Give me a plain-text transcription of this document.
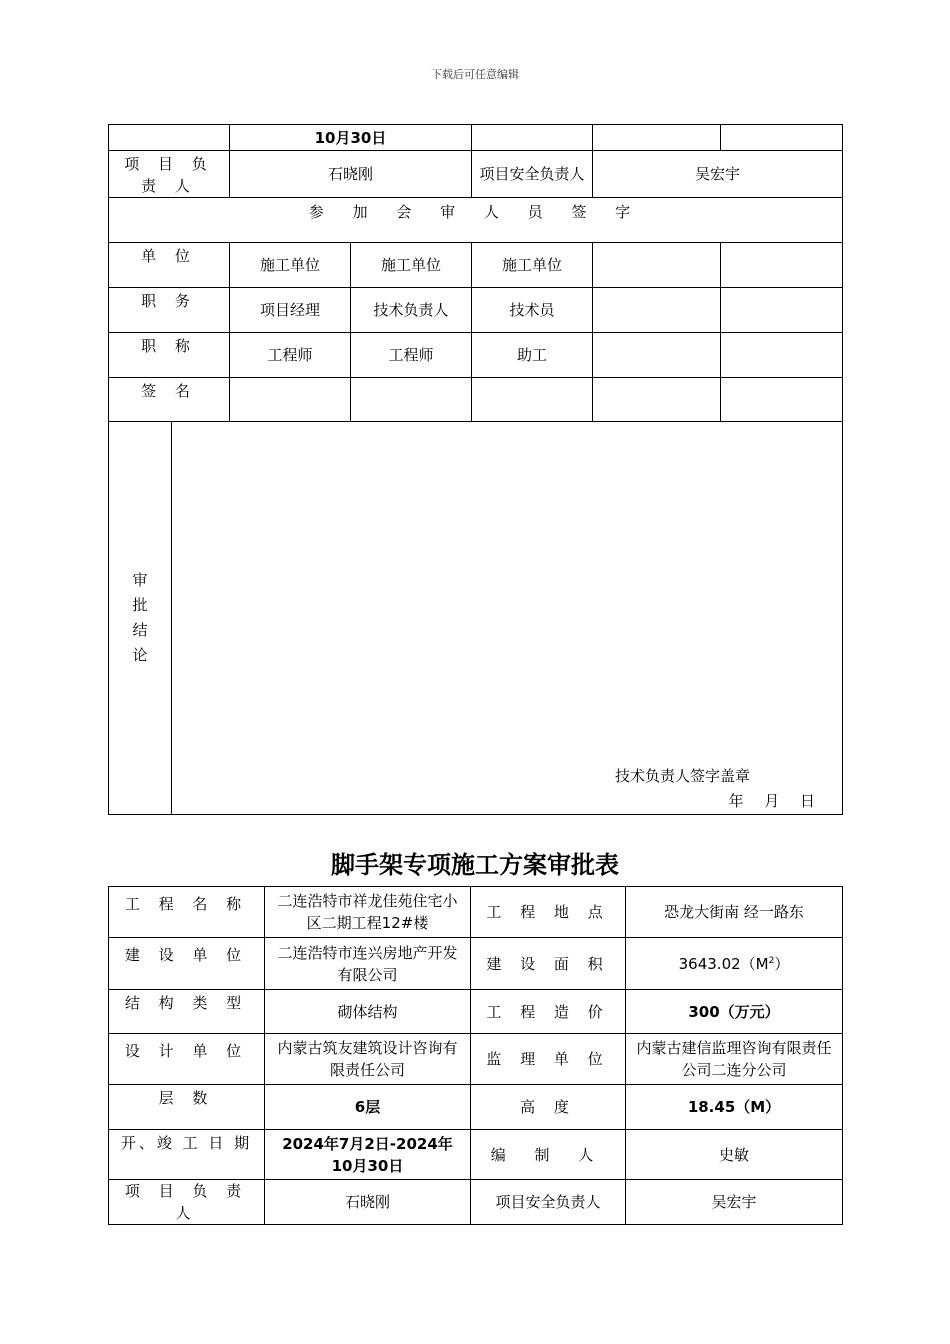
下载后可任意编辑
		10月30日				
项 目 负 责 人		石晓刚		项目安全负责人	吴宏宇	
参 加 会 审 人 员 签 字						
单 位		施工单位	施工单位	施工单位		
职 务		项目经理	技术负责人	技术员		
职 称		工程师	工程师	助工		
签 名						
审批结论	技术负责人签字盖章
年 月 日					
脚手架专项施工方案审批表
工 程 名 称	二连浩特市祥龙佳苑住宅小区二期工程12#楼	工 程 地 点	恐龙大街南 经一路东
建 设 单 位	二连浩特市连兴房地产开发有限公司	建 设 面 积	$3643.02(M^2)$
结 构 类 型	砌体结构	工 程 造 价	300（万元）
设 计 单 位	内蒙古筑友建筑设计咨询有限责任公司	监 理 单 位	内蒙古建信监理咨询有限责任公司二连分公司
层 数	6层	高 度	18.45（M）
开、竣 工 日 期	2024年7月2日-2024年10月30日	编 制 人	史敏
项 目 负 责 人	石晓刚	项目安全负责人	吴宏宇
